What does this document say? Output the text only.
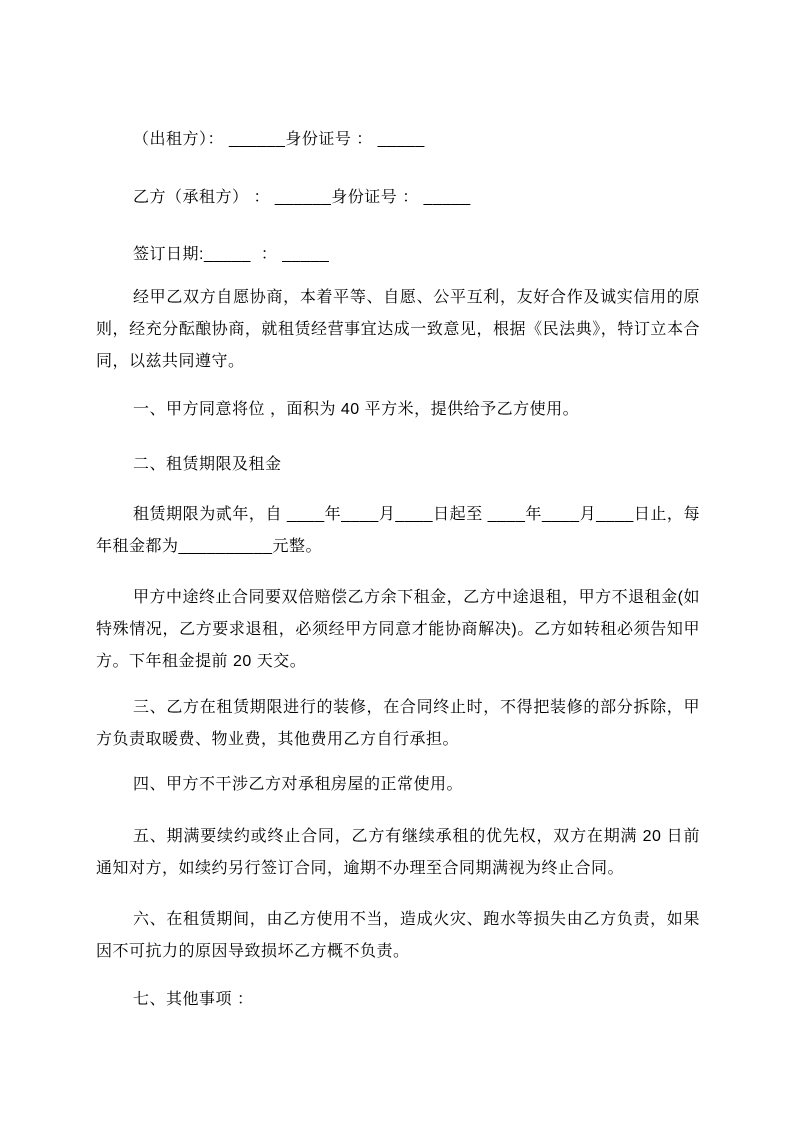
（出租方）： ______身份证号 ： _____

乙方（承租方） ： ______身份证号 ： _____

签订日期:_____  ： _____

经甲乙双方自愿协商，本着平等、自愿、公平互利，友好合作及诚实信用的原则，经充分酝酿协商，就租赁经营事宜达成一致意见，根据《民法典》，特订立本合同，以兹共同遵守。

一、甲方同意将位 ，面积为 40 平方米，提供给予乙方使用。

二、租赁期限及租金

租赁期限为贰年，自 ____年____月____日起至 ____年____月____日止，每年租金都为__________元整。

甲方中途终止合同要双倍赔偿乙方余下租金，乙方中途退租，甲方不退租金(如特殊情况，乙方要求退租，必须经甲方同意才能协商解决)。乙方如转租必须告知甲方。下年租金提前 20 天交。

三、乙方在租赁期限进行的装修，在合同终止时，不得把装修的部分拆除，甲方负责取暖费、物业费，其他费用乙方自行承担。

四、甲方不干涉乙方对承租房屋的正常使用。

五、期满要续约或终止合同，乙方有继续承租的优先权，双方在期满 20 日前通知对方，如续约另行签订合同，逾期不办理至合同期满视为终止合同。

六、在租赁期间，由乙方使用不当，造成火灾、跑水等损失由乙方负责，如果因不可抗力的原因导致损坏乙方概不负责。

七、其他事项 ：
